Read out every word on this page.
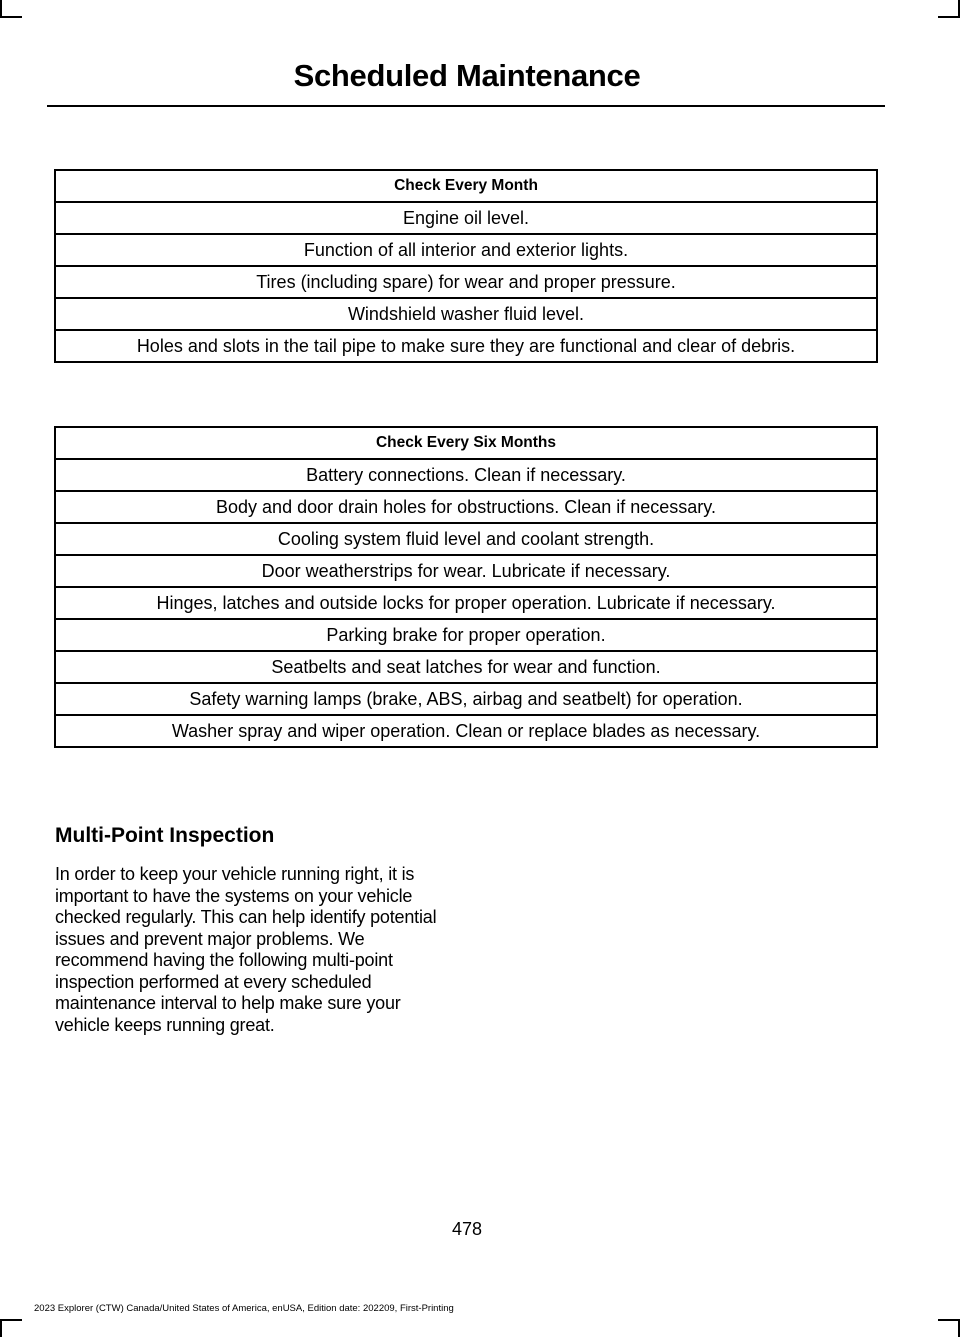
Scheduled Maintenance
Check Every Month
Engine oil level.
Function of all interior and exterior lights.
Tires (including spare) for wear and proper pressure.
Windshield washer fluid level.
Holes and slots in the tail pipe to make sure they are functional and clear of debris.
Check Every Six Months
Battery connections. Clean if necessary.
Body and door drain holes for obstructions. Clean if necessary.
Cooling system fluid level and coolant strength.
Door weatherstrips for wear. Lubricate if necessary.
Hinges, latches and outside locks for proper operation. Lubricate if necessary.
Parking brake for proper operation.
Seatbelts and seat latches for wear and function.
Safety warning lamps (brake, ABS, airbag and seatbelt) for operation.
Washer spray and wiper operation. Clean or replace blades as necessary.
Multi-Point Inspection

In order to keep your vehicle running right, it is important to have the systems on your vehicle checked regularly. This can help identify potential issues and prevent major problems. We recommend having the following multi-point inspection performed at every scheduled maintenance interval to help make sure your vehicle keeps running great.

478
2023 Explorer (CTW) Canada/United States of America, enUSA, Edition date: 202209, First-Printing
